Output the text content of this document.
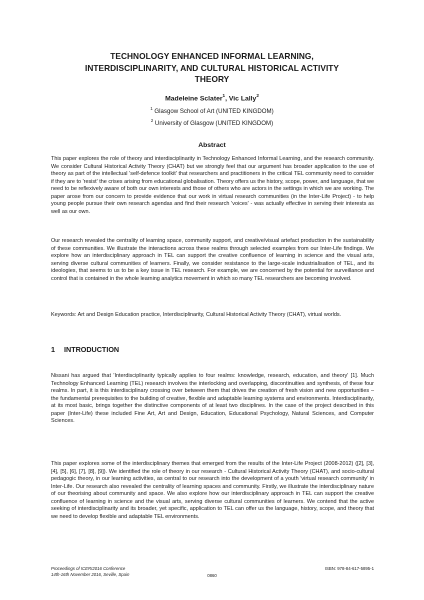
TECHNOLOGY ENHANCED INFORMAL LEARNING,
INTERDISCIPLINARITY, AND CULTURAL HISTORICAL ACTIVITY
THEORY
Madeleine Sclater$^1$, Vic Lally$^2$
$^1$ Glasgow School of Art (UNITED KINGDOM)
$^2$ University of Glasgow (UNITED KINGDOM)
Abstract
This paper explores the role of theory and interdisciplinarity in Technology Enhanced Informal Learning, and the research community. We consider Cultural Historical Activity Theory (CHAT) but we strongly feel that our argument has broader application to the use of theory as part of the intellectual 'self-defence toolkit' that researchers and practitioners in the critical TEL community need to consider if they are to 'resist' the crises arising from educational globalisation. Theory offers us the history, scope, power, and language, that we need to be reflexively aware of both our own interests and those of others who are actors in the settings in which we are working. The paper arose from our concern to provide evidence that our work in virtual research communities (in the Inter-Life Project) - to help young people pursue their own research agendas and find their research 'voices' - was actually effective in serving their interests as well as our own.
Our research revealed the centrality of learning space, community support, and creative/visual artefact production in the sustainability of these communities. We illustrate the interactions across these realms through selected examples from our Inter-Life findings. We explore how an interdisciplinary approach in TEL can support the creative confluence of learning in science and the visual arts, serving diverse cultural communities of learners. Finally, we consider resistance to the large-scale industrialisation of TEL, and its ideologies, that seems to us to be a key issue in TEL research. For example, we are concerned by the potential for surveillance and control that is contained in the whole learning analytics movement in which so many TEL researchers are becoming involved.
Keywords: Art and Design Education practice, Interdisciplinarity, Cultural Historical Activity Theory (CHAT), virtual worlds.
1 INTRODUCTION
Nissani has argued that 'Interdisciplinarity typically applies to four realms: knowledge, research, education, and theory' [1]. Much Technology Enhanced Learning (TEL) research involves the interlocking and overlapping, discontinuities and synthesis, of these four realms. In part, it is this interdisciplinary crossing over between them that drives the creation of fresh vision and new opportunities – the fundamental prerequisites to the building of creative, flexible and adaptable learning systems and environments. Interdisciplinarity, at its most basic, brings together the distinctive components of at least two disciplines. In the case of the project described in this paper (Inter-Life) these included Fine Art, Art and Design, Education, Educational Psychology, Natural Sciences, and Computer Sciences.
This paper explores some of the interdisciplinary themes that emerged from the results of the Inter-Life Project (2008-2012) ([2], [3], [4], [5], [6], [7], [8], [9]). We identified the role of theory in our research - Cultural Historical Activity Theory (CHAT), and socio-cultural pedagogic theory, in our learning activities, as central to our research into the development of a youth 'virtual research community' in Inter-Life. Our research also revealed the centrality of learning spaces and community. Firstly, we illustrate the interdisciplinary nature of our theorising about community and space. We also explore how our interdisciplinary approach in TEL can support the creative confluence of learning in science and the visual arts, serving diverse cultural communities of learners. We contend that the active seeking of interdisciplinarity and its broader, yet specific, application to TEL can offer us the language, history, scope, and theory that we need to develop flexible and adaptable TEL environments.
Proceedings of ICERI2016 Conference
14th-16th November 2016, Seville, Spain
ISBN: 978-84-617-5895-1
0860
